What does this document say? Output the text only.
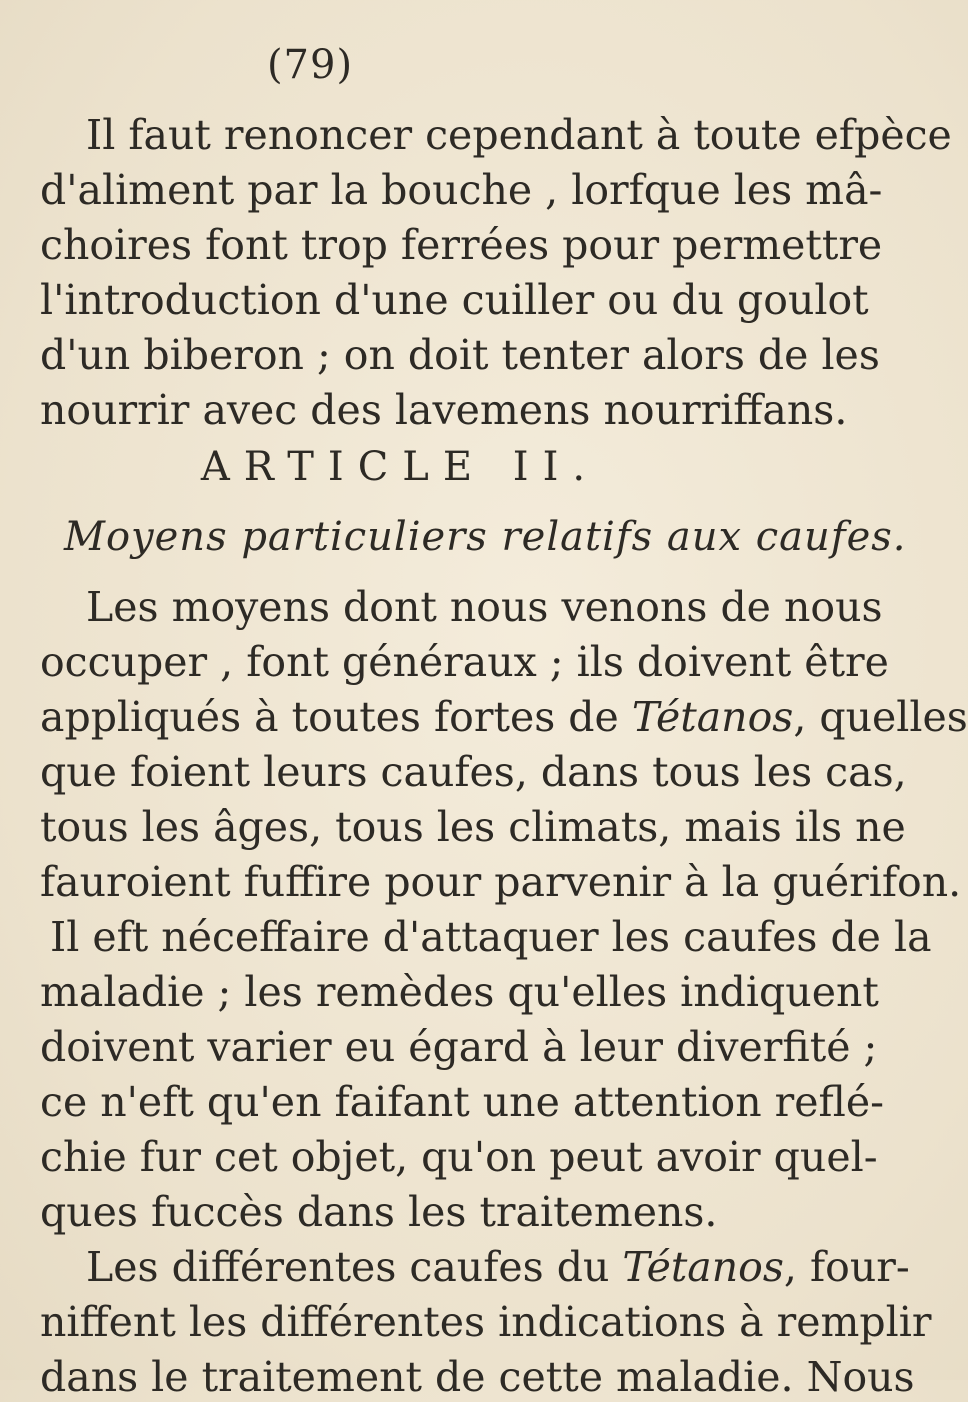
(79)
Il faut renoncer cependant à toute efpèce
d'aliment par la bouche , lorfque les mâ-
choires font trop ferrées pour permettre
l'introduction d'une cuiller ou du goulot
d'un biberon ; on doit tenter alors de les
nourrir avec des lavemens nourriffans.
ARTICLE II.
Moyens particuliers relatifs aux caufes.
Les moyens dont nous venons de nous
occuper , font généraux ; ils doivent être
appliqués à toutes fortes de Tétanos, quelles
que foient leurs caufes, dans tous les cas,
tous les âges, tous les climats, mais ils ne
fauroient fuffire pour parvenir à la guérifon.
Il eft néceffaire d'attaquer les caufes de la
maladie ; les remèdes qu'elles indiquent
doivent varier eu égard à leur diverfité ;
ce n'eft qu'en faifant une attention reflé-
chie fur cet objet, qu'on peut avoir quel-
ques fuccès dans les traitemens.
Les différentes caufes du Tétanos, four-
niffent les différentes indications à remplir
dans le traitement de cette maladie. Nous
